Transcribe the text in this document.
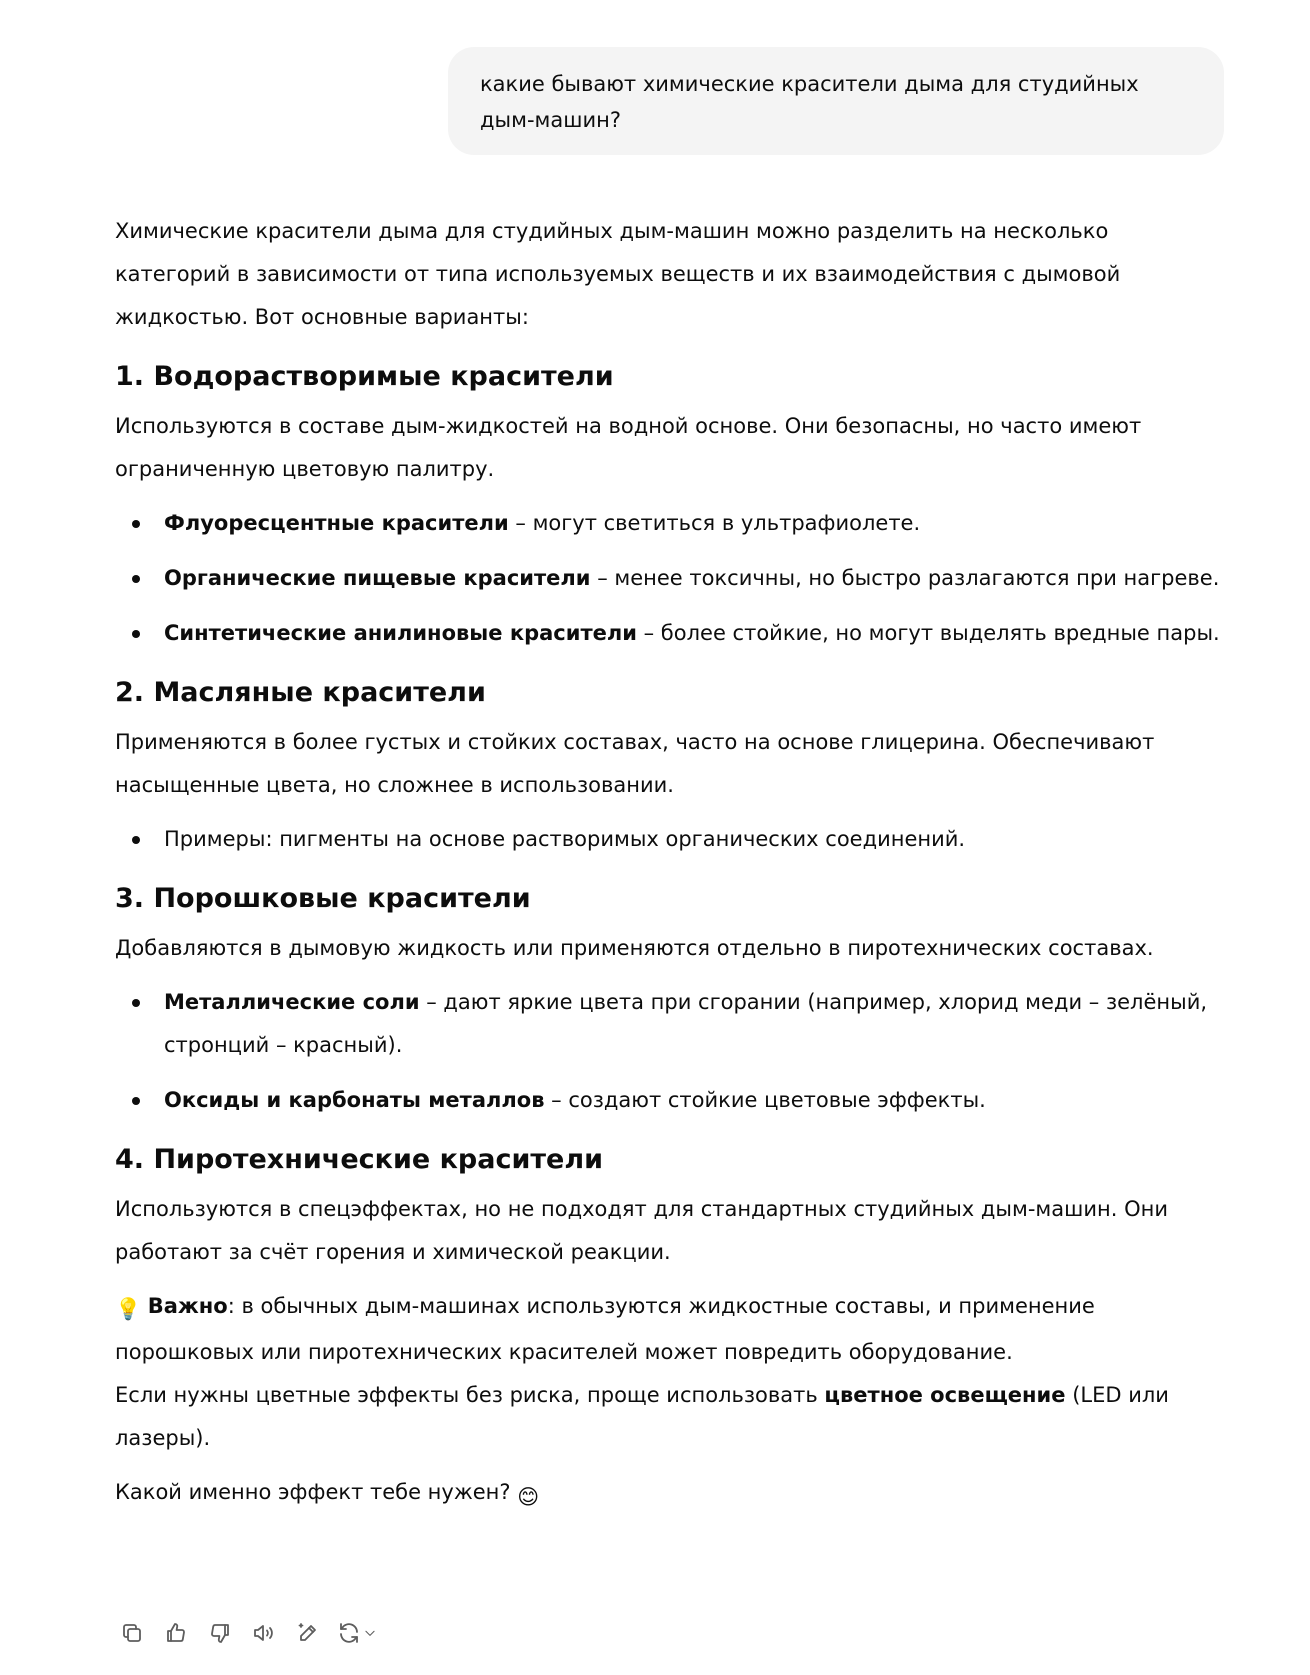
какие бывают химические красители дыма для студийных дым-машин?

Химические красители дыма для студийных дым-машин можно разделить на несколько категорий в зависимости от типа используемых веществ и их взаимодействия с дымовой жидкостью. Вот основные варианты:

1. Водорастворимые красители

Используются в составе дым-жидкостей на водной основе. Они безопасны, но часто имеют ограниченную цветовую палитру.

Флуоресцентные красители – могут светиться в ультрафиолете.
Органические пищевые красители – менее токсичны, но быстро разлагаются при нагреве.
Синтетические анилиновые красители – более стойкие, но могут выделять вредные пары.
2. Масляные красители

Применяются в более густых и стойких составах, часто на основе глицерина. Обеспечивают насыщенные цвета, но сложнее в использовании.

Примеры: пигменты на основе растворимых органических соединений.
3. Порошковые красители

Добавляются в дымовую жидкость или применяются отдельно в пиротехнических составах.

Металлические соли – дают яркие цвета при сгорании (например, хлорид меди – зелёный, стронций – красный).
Оксиды и карбонаты металлов – создают стойкие цветовые эффекты.
4. Пиротехнические красители

Используются в спецэффектах, но не подходят для стандартных студийных дым-машин. Они работают за счёт горения и химической реакции.

💡 Важно: в обычных дым-машинах используются жидкостные составы, и применение порошковых или пиротехнических красителей может повредить оборудование.
Если нужны цветные эффекты без риска, проще использовать цветное освещение (LED или лазеры).

Какой именно эффект тебе нужен? 😊
